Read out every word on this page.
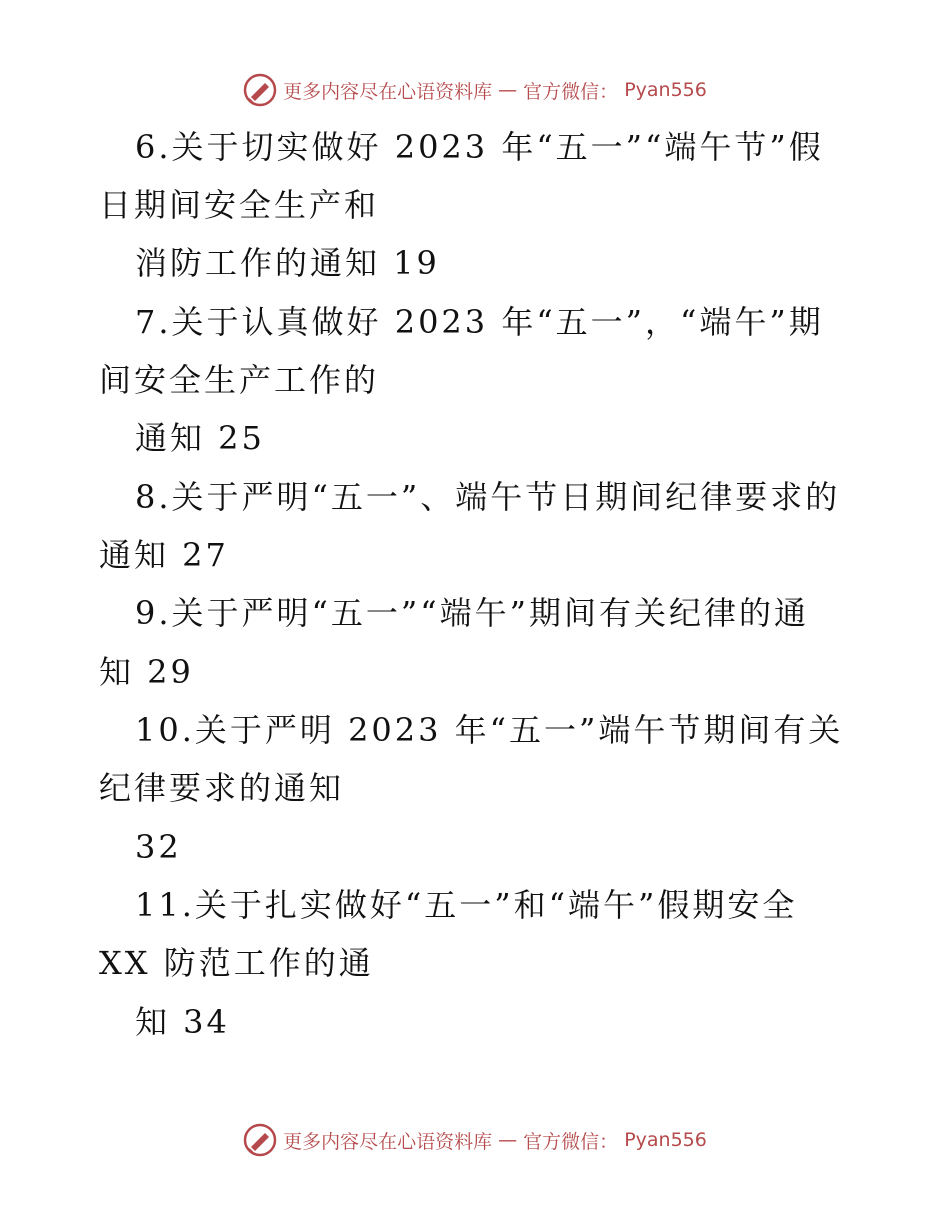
更多内容尽在心语资料库 — 官方微信： Pyan556
6.关于切实做好 2023 年“五一”“端午节”假
日期间安全生产和
消防工作的通知 19
7.关于认真做好 2023 年“五一”，“端午”期
间安全生产工作的
通知 25
8.关于严明“五一”、端午节日期间纪律要求的
通知 27
9.关于严明“五一”“端午”期间有关纪律的通
知 29
10.关于严明 2023 年“五一”端午节期间有关
纪律要求的通知
32
11.关于扎实做好“五一”和“端午”假期安全
XX 防范工作的通
知 34
更多内容尽在心语资料库 — 官方微信： Pyan556
